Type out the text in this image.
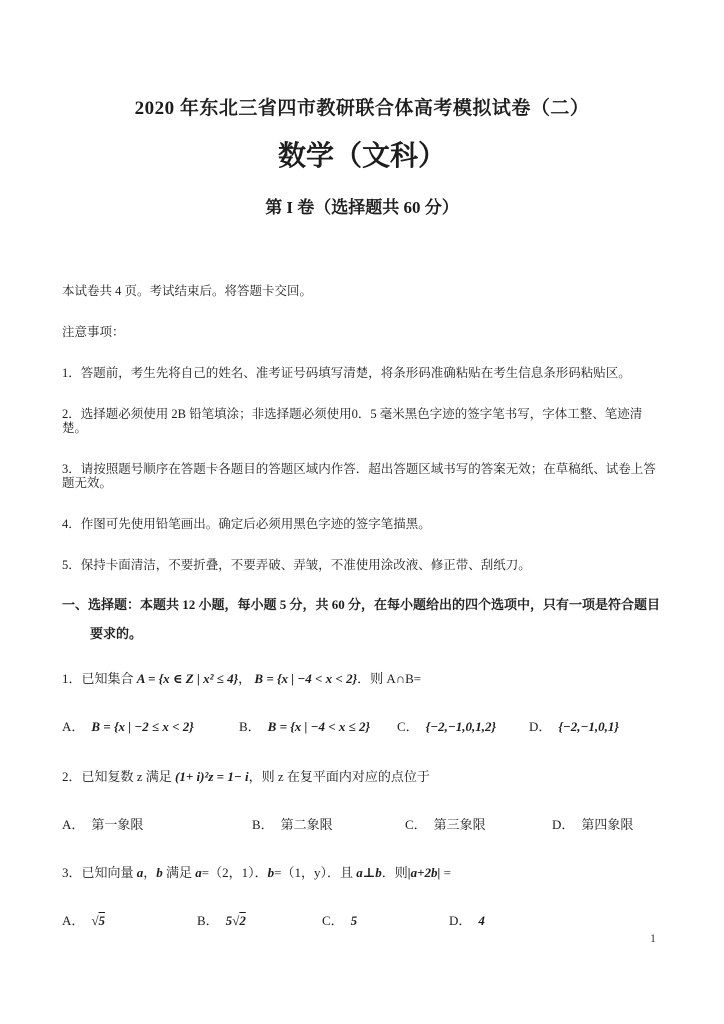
2020 年东北三省四市教研联合体高考模拟试卷（二）
数学（文科）
第 I 卷（选择题共 60 分）

本试卷共 4 页。考试结束后。将答题卡交回。

注意事项：

1．答题前，考生先将自己的姓名、准考证号码填写清楚，将条形码准确粘贴在考生信息条形码粘贴区。

2．选择题必须使用 2B 铅笔填涂；非选择题必须使用0．5 毫米黑色字迹的签字笔书写，字体工整、笔迹清楚。

3．请按照题号顺序在答题卡各题目的答题区域内作答．超出答题区域书写的答案无效；在草稿纸、试卷上答题无效。

4．作图可先使用铅笔画出。确定后必须用黑色字迹的签字笔描黑。

5．保持卡面清洁，不要折叠，不要弄破、弄皱，不准使用涂改液、修正带、刮纸刀。

一、选择题：本题共 12 小题，每小题 5 分，共 60 分，在每小题给出的四个选项中，只有一项是符合题目
要求的。

1．已知集合 A = {x ∈ Z | x² ≤ 4}， B = {x | −4 < x < 2}．则 A∩B=

A． B = {x | −2 ≤ x < 2}	B． B = {x | −4 < x ≤ 2} C． {−2,−1,0,1,2}	D． {−2,−1,0,1}

2．已知复数 z 满足 (1+ i)²z = 1− i，则 z 在复平面内对应的点位于

A． 第一象限	B． 第二象限	C． 第三象限	D． 第四象限

3．已知向量 a，b 满足 a=（2，1）．b=（1，y）．且 a⊥b．则|a+2b| =

A． √5	B． 5√2	C． 5	D． 4
1
